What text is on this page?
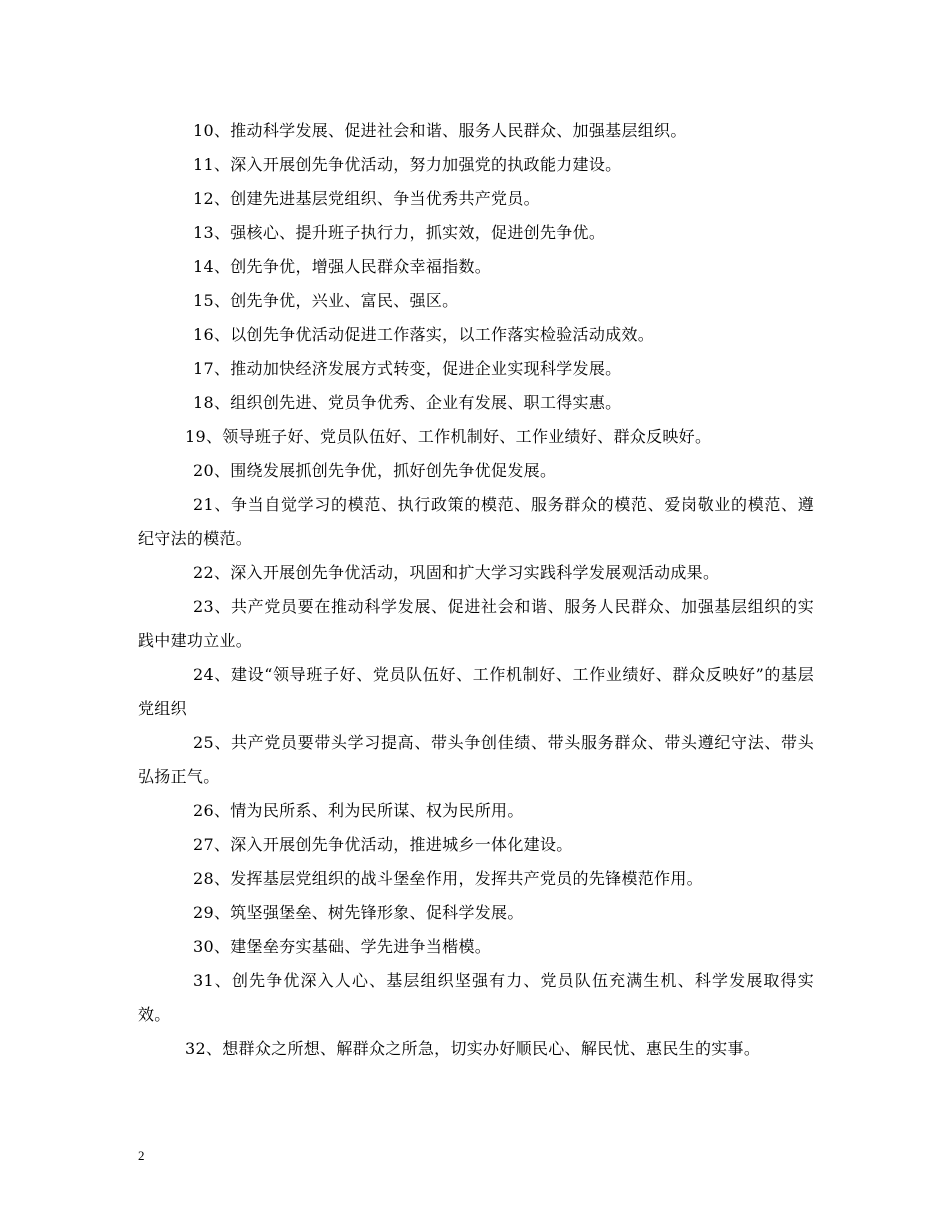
10、推动科学发展、促进社会和谐、服务人民群众、加强基层组织。

11、深入开展创先争优活动，努力加强党的执政能力建设。

12、创建先进基层党组织、争当优秀共产党员。

13、强核心、提升班子执行力，抓实效，促进创先争优。

14、创先争优，增强人民群众幸福指数。

15、创先争优，兴业、富民、强区。

16、以创先争优活动促进工作落实，以工作落实检验活动成效。

17、推动加快经济发展方式转变，促进企业实现科学发展。

18、组织创先进、党员争优秀、企业有发展、职工得实惠。

19、领导班子好、党员队伍好、工作机制好、工作业绩好、群众反映好。

20、围绕发展抓创先争优，抓好创先争优促发展。

21、争当自觉学习的模范、执行政策的模范、服务群众的模范、爱岗敬业的模范、遵纪守法的模范。

22、深入开展创先争优活动，巩固和扩大学习实践科学发展观活动成果。

23、共产党员要在推动科学发展、促进社会和谐、服务人民群众、加强基层组织的实践中建功立业。

24、建设“领导班子好、党员队伍好、工作机制好、工作业绩好、群众反映好”的基层党组织

25、共产党员要带头学习提高、带头争创佳绩、带头服务群众、带头遵纪守法、带头弘扬正气。

26、情为民所系、利为民所谋、权为民所用。

27、深入开展创先争优活动，推进城乡一体化建设。

28、发挥基层党组织的战斗堡垒作用，发挥共产党员的先锋模范作用。

29、筑坚强堡垒、树先锋形象、促科学发展。

30、建堡垒夯实基础、学先进争当楷模。

31、创先争优深入人心、基层组织坚强有力、党员队伍充满生机、科学发展取得实效。

32、想群众之所想、解群众之所急，切实办好顺民心、解民忧、惠民生的实事。

2
